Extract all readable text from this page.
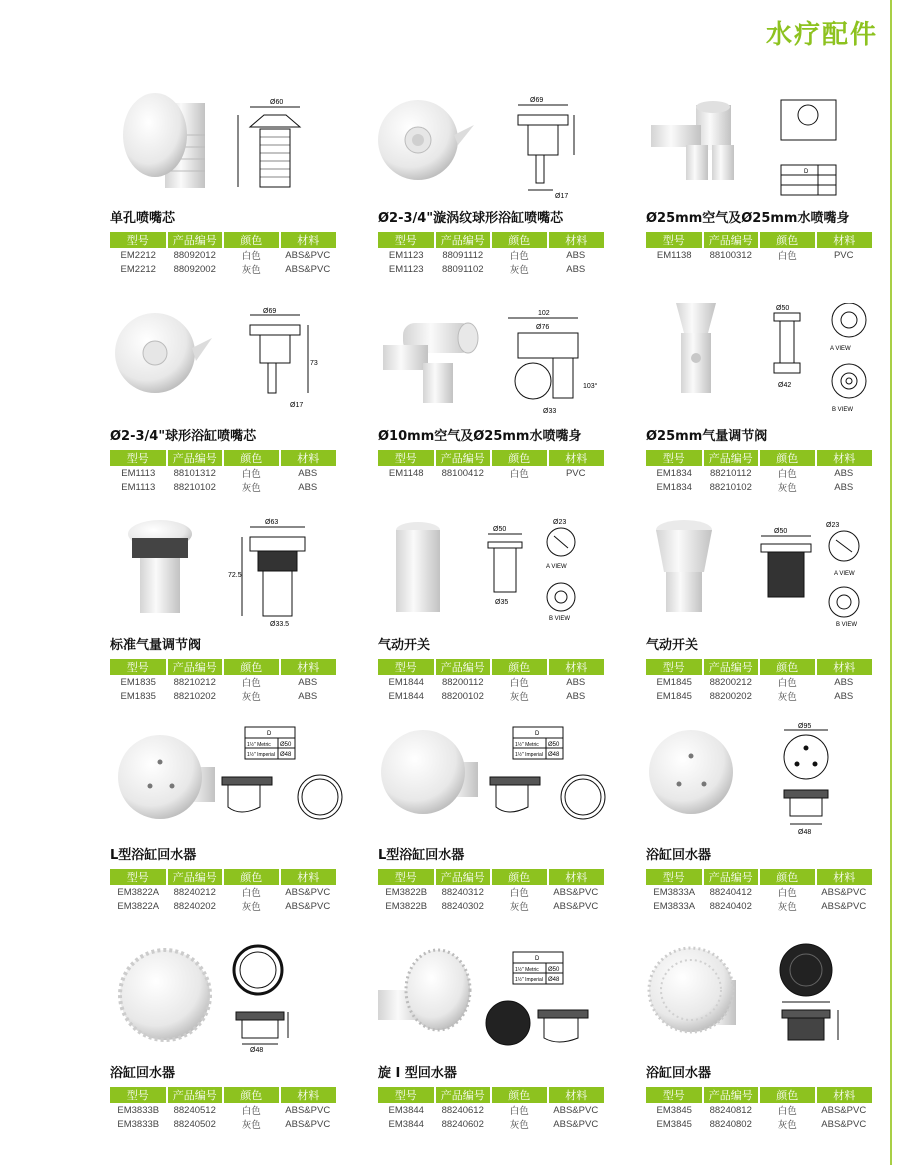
水疗配件
Ø60
单孔喷嘴芯
型号	产品编号	颜色	材料
EM2212	88092012	白色	ABS&PVC
EM2212	88092002	灰色	ABS&PVC
Ø69
Ø17
Ø2-3/4"漩涡纹球形浴缸喷嘴芯
型号	产品编号	颜色	材料
EM1123	88091112	白色	ABS
EM1123	88091102	灰色	ABS
D
Ø25mm空气及Ø25mm水喷嘴身
型号	产品编号	颜色	材料
EM1138	88100312	白色	PVC
Ø69
73
Ø17
Ø2-3/4"球形浴缸喷嘴芯
型号	产品编号	颜色	材料
EM1113	88101312	白色	ABS
EM1113	88210102	灰色	ABS
102
Ø76
Ø33
103°
Ø10mm空气及Ø25mm水喷嘴身
型号	产品编号	颜色	材料
EM1148	88100412	白色	PVC
Ø50
A VIEW
B VIEW
Ø42
Ø25mm气量调节阀
型号	产品编号	颜色	材料
EM1834	88210112	白色	ABS
EM1834	88210102	灰色	ABS
Ø63
72.5
Ø33.5
标准气量调节阀
型号	产品编号	颜色	材料
EM1835	88210212	白色	ABS
EM1835	88210202	灰色	ABS
Ø50
Ø23
A VIEW
B VIEW
Ø35
气动开关
型号	产品编号	颜色	材料
EM1844	88200112	白色	ABS
EM1844	88200102	灰色	ABS
Ø50
Ø23
A VIEW
B VIEW
气动开关
型号	产品编号	颜色	材料
EM1845	88200212	白色	ABS
EM1845	88200202	灰色	ABS
D
1½" Metric Ø50
1½" Imperial Ø48
L型浴缸回水器
型号	产品编号	颜色	材料
EM3822A	88240212	白色	ABS&PVC
EM3822A	88240202	灰色	ABS&PVC
D
1½" Metric Ø50
1½" Imperial Ø48
L型浴缸回水器
型号	产品编号	颜色	材料
EM3822B	88240312	白色	ABS&PVC
EM3822B	88240302	灰色	ABS&PVC
Ø95
Ø48
浴缸回水器
型号	产品编号	颜色	材料
EM3833A	88240412	白色	ABS&PVC
EM3833A	88240402	灰色	ABS&PVC
Ø48
浴缸回水器
型号	产品编号	颜色	材料
EM3833B	88240512	白色	ABS&PVC
EM3833B	88240502	灰色	ABS&PVC
D
1½" Metric Ø50
1½" Imperial Ø48
旋 I 型回水器
型号	产品编号	颜色	材料
EM3844	88240612	白色	ABS&PVC
EM3844	88240602	灰色	ABS&PVC
浴缸回水器
型号	产品编号	颜色	材料
EM3845	88240812	白色	ABS&PVC
EM3845	88240802	灰色	ABS&PVC
